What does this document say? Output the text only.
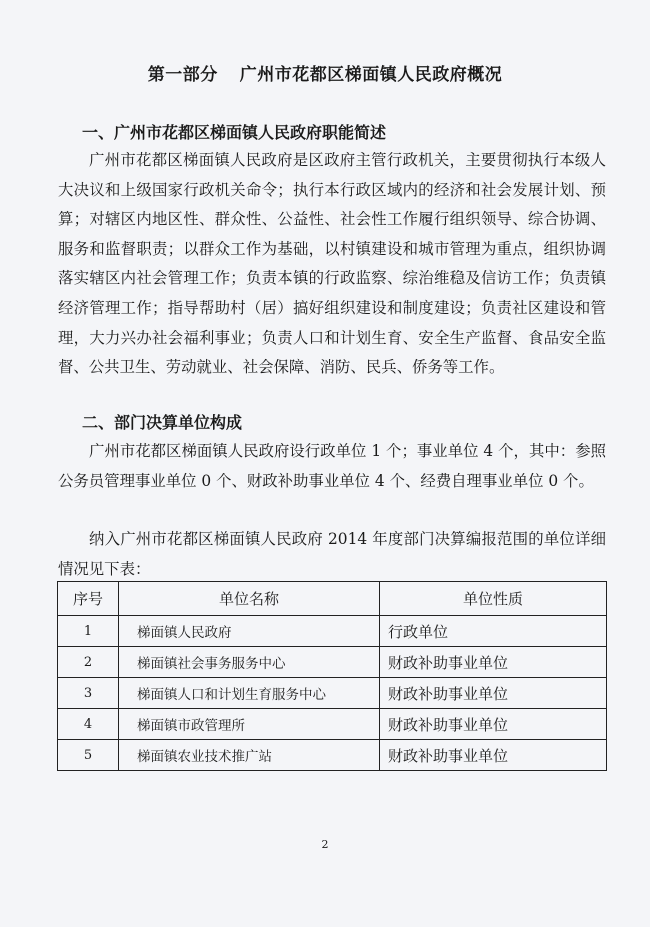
第一部分 广州市花都区梯面镇人民政府概况
一、广州市花都区梯面镇人民政府职能简述

广州市花都区梯面镇人民政府是区政府主管行政机关，主要贯彻执行本级人大决议和上级国家行政机关命令；执行本行政区域内的经济和社会发展计划、预算；对辖区内地区性、群众性、公益性、社会性工作履行组织领导、综合协调、服务和监督职责；以群众工作为基础，以村镇建设和城市管理为重点，组织协调落实辖区内社会管理工作；负责本镇的行政监察、综治维稳及信访工作；负责镇经济管理工作；指导帮助村（居）搞好组织建设和制度建设；负责社区建设和管理，大力兴办社会福利事业；负责人口和计划生育、安全生产监督、食品安全监督、公共卫生、劳动就业、社会保障、消防、民兵、侨务等工作。

二、部门决算单位构成

广州市花都区梯面镇人民政府设行政单位 1 个；事业单位 4 个，其中：参照公务员管理事业单位 0 个、财政补助事业单位 4 个、经费自理事业单位 0 个。

纳入广州市花都区梯面镇人民政府 2014 年度部门决算编报范围的单位详细情况见下表：

序号	单位名称	单位性质
1	梯面镇人民政府	行政单位
2	梯面镇社会事务服务中心	财政补助事业单位
3	梯面镇人口和计划生育服务中心	财政补助事业单位
4	梯面镇市政管理所	财政补助事业单位
5	梯面镇农业技术推广站	财政补助事业单位
2
